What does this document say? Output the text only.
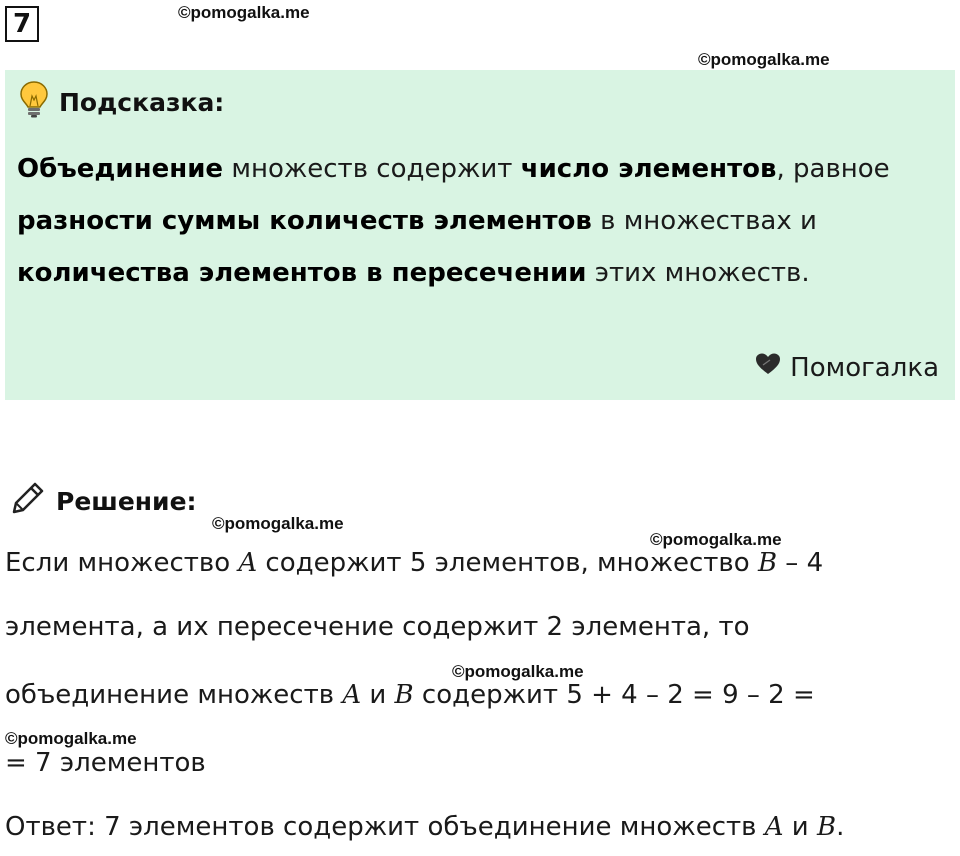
7	©pomogalka.me
©pomogalka.me
Подсказка:
Объединение множеств содержит число элементов, равное разности суммы количеств элементов в множествах и количества элементов в пересечении этих множеств.
Помогалка
Решение:
©pomogalka.me
©pomogalka.me
Если множество A содержит 5 элементов, множество B – 4
элемента, а их пересечение содержит 2 элемента, то
©pomogalka.me
объединение множеств A и B содержит 5 + 4 – 2 = 9 – 2 =
©pomogalka.me
= 7 элементов
Ответ: 7 элементов содержит объединение множеств A и B.
